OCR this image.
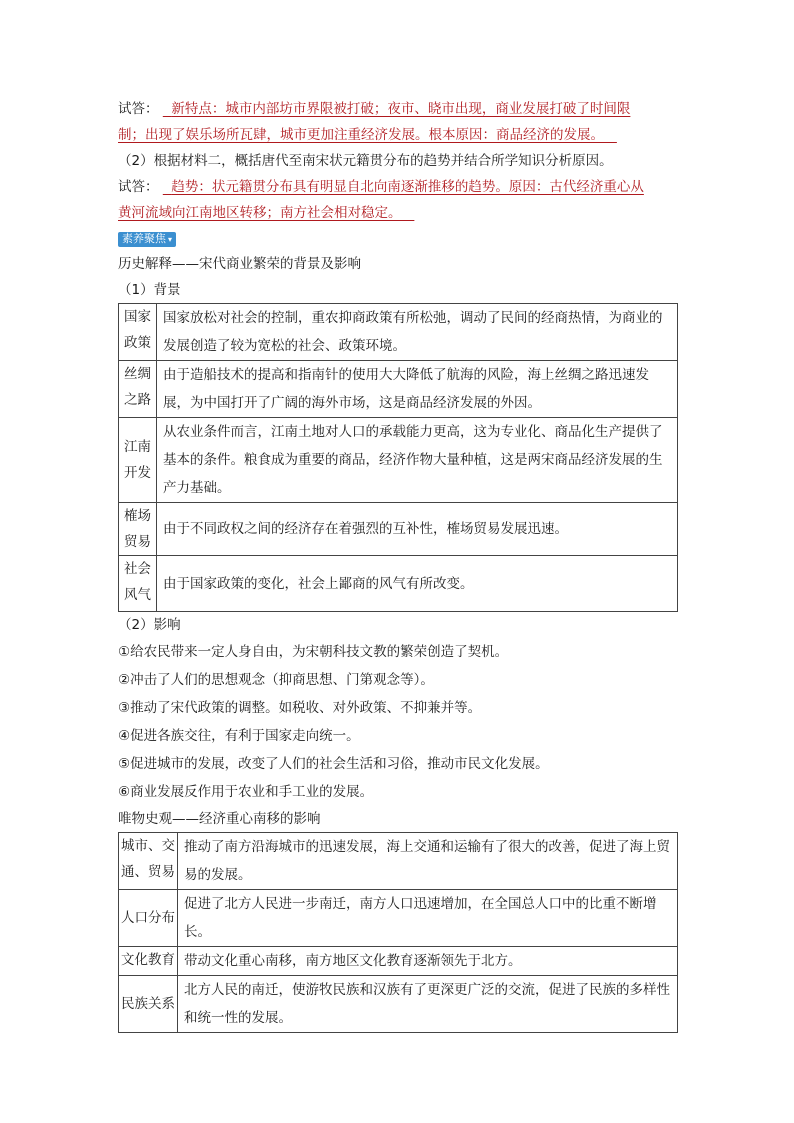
试答： 新特点：城市内部坊市界限被打破；夜市、晓市出现，商业发展打破了时间限
制；出现了娱乐场所瓦肆，城市更加注重经济发展。根本原因：商品经济的发展。
（2）根据材料二，概括唐代至南宋状元籍贯分布的趋势并结合所学知识分析原因。
试答： 趋势：状元籍贯分布具有明显自北向南逐渐推移的趋势。原因：古代经济重心从
黄河流域向江南地区转移；南方社会相对稳定。
素养聚焦 ▾
历史解释——宋代商业繁荣的背景及影响
（1）背景
国家政策	国家放松对社会的控制，重农抑商政策有所松弛，调动了民间的经商热情，为商业的发展创造了较为宽松的社会、政策环境。
丝绸之路	由于造船技术的提高和指南针的使用大大降低了航海的风险，海上丝绸之路迅速发展，为中国打开了广阔的海外市场，这是商品经济发展的外因。
江南开发	从农业条件而言，江南土地对人口的承载能力更高，这为专业化、商品化生产提供了基本的条件。粮食成为重要的商品，经济作物大量种植，这是两宋商品经济发展的生产力基础。
榷场贸易	由于不同政权之间的经济存在着强烈的互补性，榷场贸易发展迅速。
社会风气	由于国家政策的变化，社会上鄙商的风气有所改变。
（2）影响
①给农民带来一定人身自由，为宋朝科技文教的繁荣创造了契机。
②冲击了人们的思想观念（抑商思想、门第观念等）。
③推动了宋代政策的调整。如税收、对外政策、不抑兼并等。
④促进各族交往，有利于国家走向统一。
⑤促进城市的发展，改变了人们的社会生活和习俗，推动市民文化发展。
⑥商业发展反作用于农业和手工业的发展。
唯物史观——经济重心南移的影响
城市、交通、贸易	推动了南方沿海城市的迅速发展，海上交通和运输有了很大的改善，促进了海上贸易的发展。
人口分布	促进了北方人民进一步南迁，南方人口迅速增加，在全国总人口中的比重不断增长。
文化教育	带动文化重心南移，南方地区文化教育逐渐领先于北方。
民族关系	北方人民的南迁，使游牧民族和汉族有了更深更广泛的交流，促进了民族的多样性和统一性的发展。
